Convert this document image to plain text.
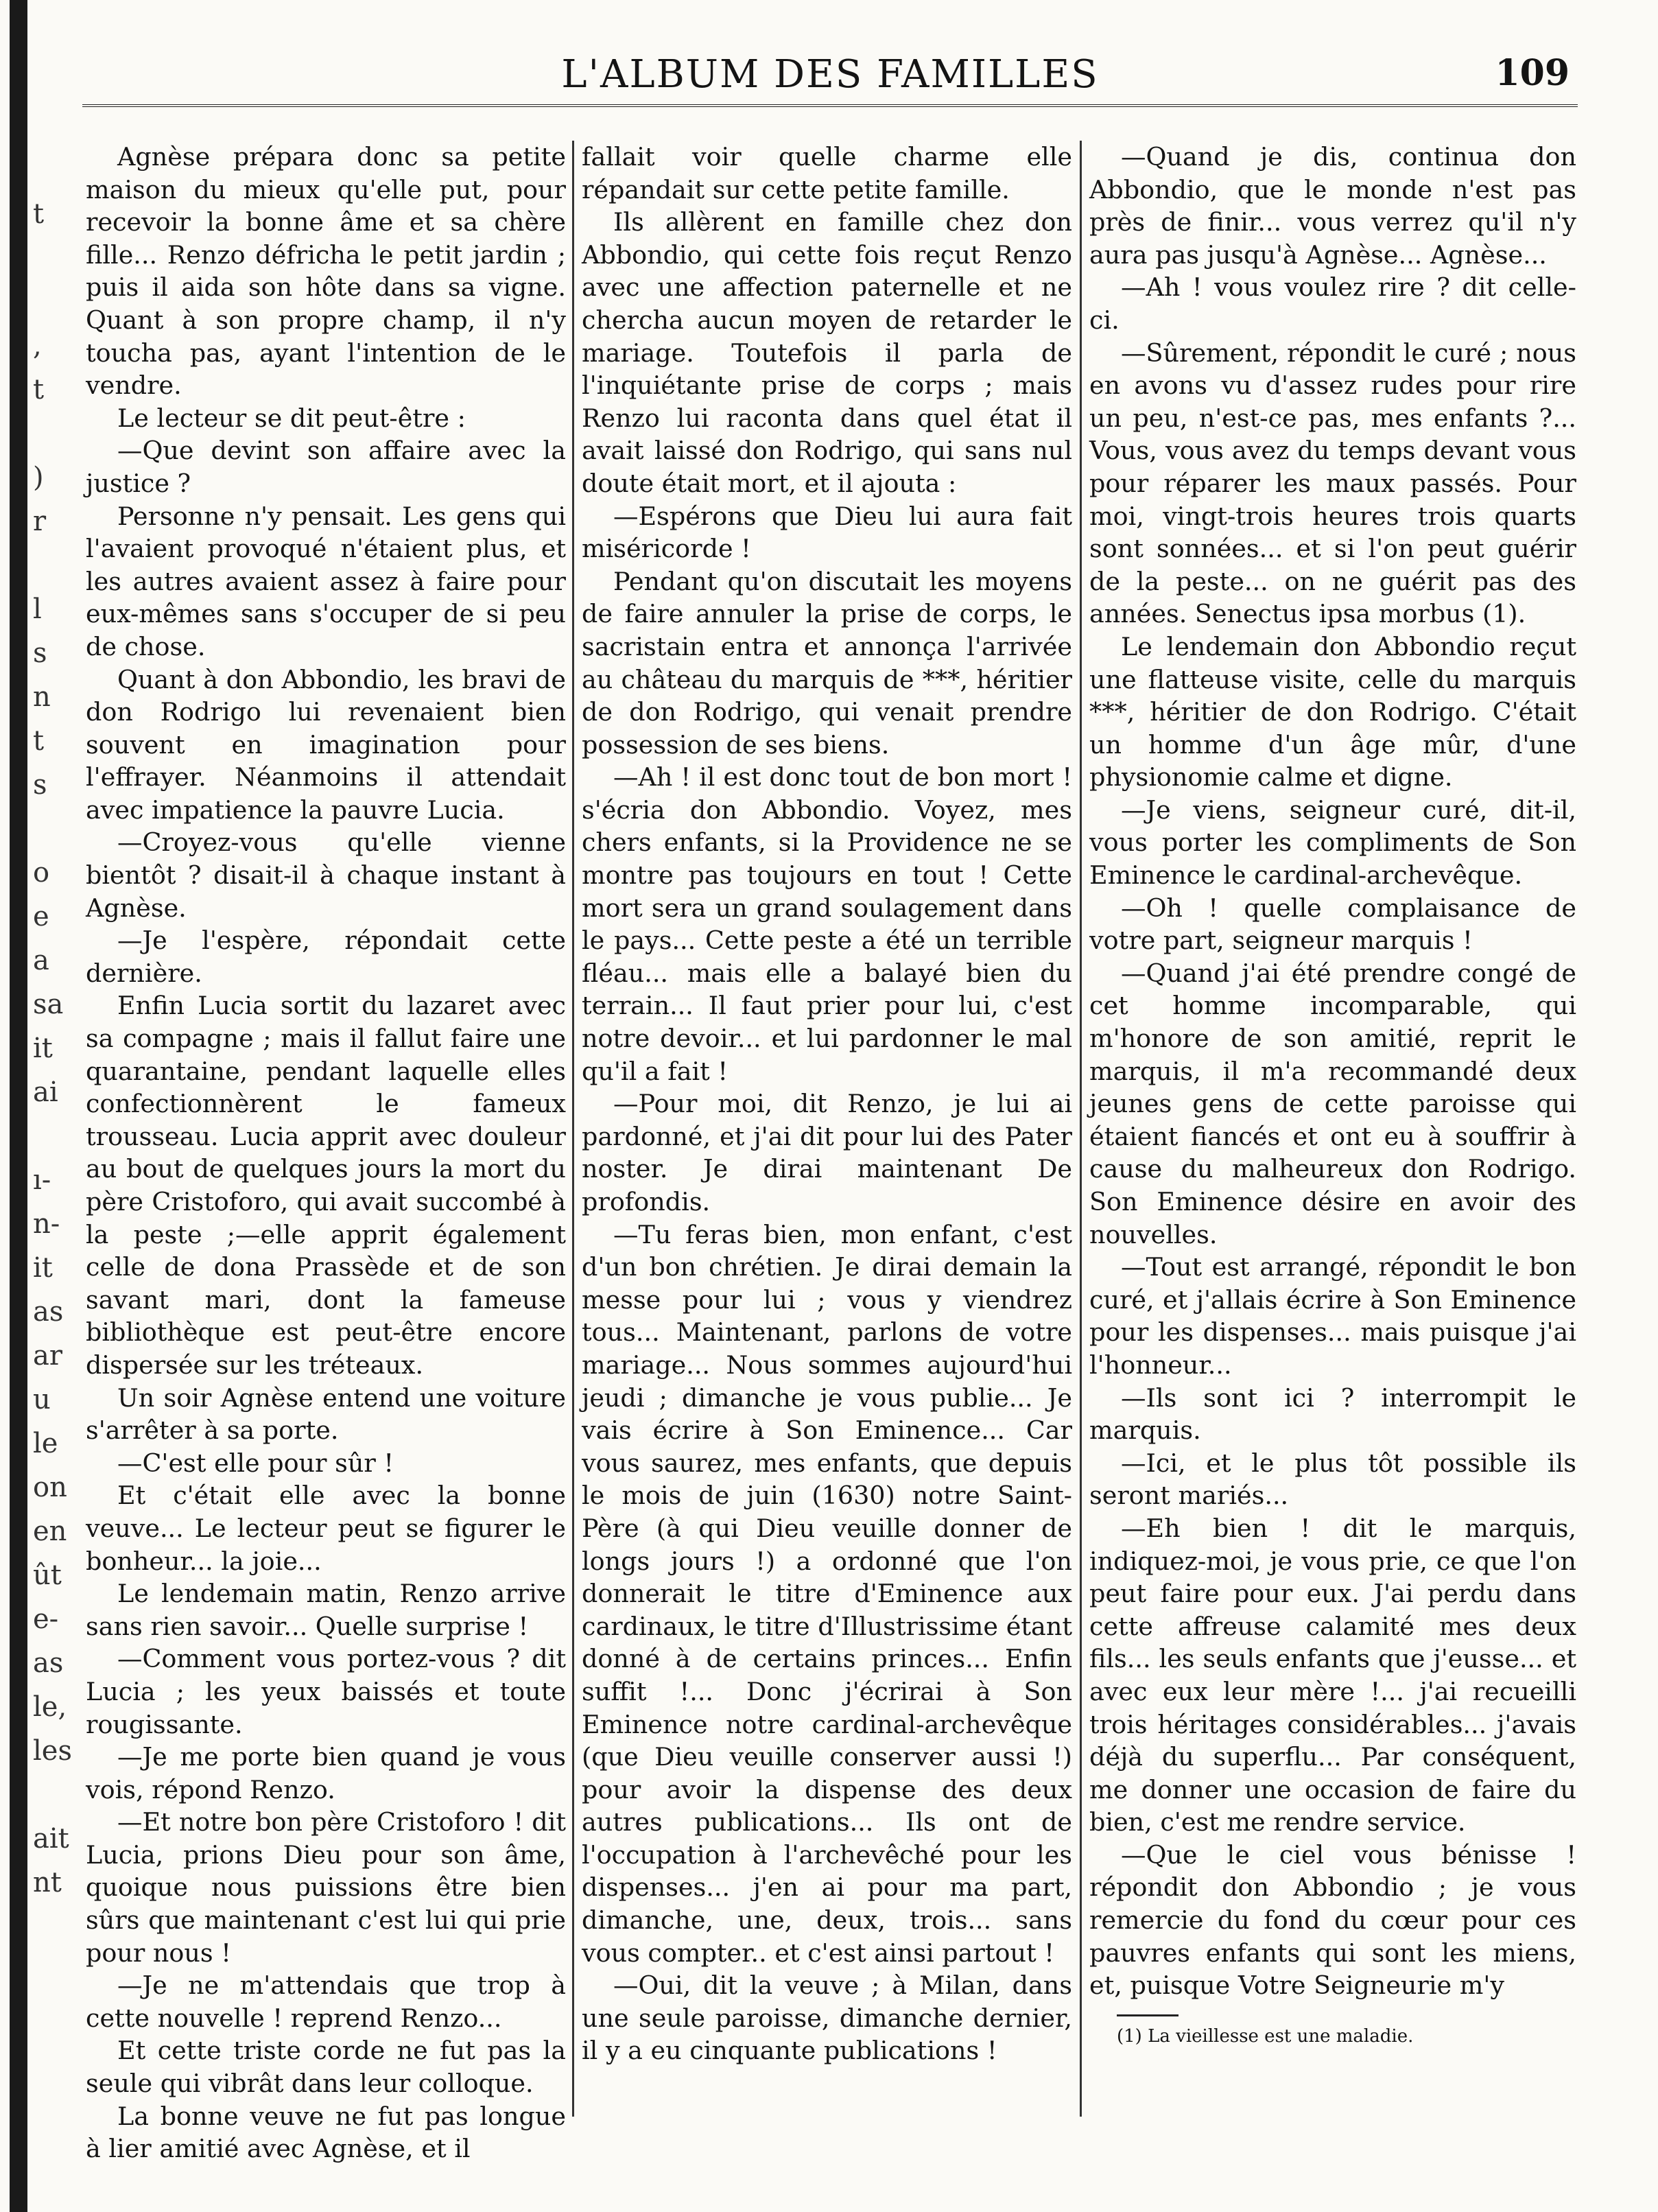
t
,
t
)
r
l
s
n
t
s
o
e
a
sa
it
ai
ı-
n-
it
as
ar
u
le
on
en
ût
e-
as
le,
les
ait
nt
L'ALBUM DES FAMILLES	109

Agnèse prépara donc sa petite maison du mieux qu'elle put, pour recevoir la bonne âme et sa chère fille... Renzo défricha le petit jardin ; puis il aida son hôte dans sa vigne. Quant à son propre champ, il n'y toucha pas, ayant l'intention de le vendre.

Le lecteur se dit peut-être :

—Que devint son affaire avec la justice ?

Personne n'y pensait. Les gens qui l'avaient provoqué n'étaient plus, et les autres avaient assez à faire pour eux-mêmes sans s'occuper de si peu de chose.

Quant à don Abbondio, les bravi de don Rodrigo lui revenaient bien souvent en imagination pour l'effrayer. Néanmoins il attendait avec impatience la pauvre Lucia.

—Croyez-vous qu'elle vienne bientôt ? disait-il à chaque instant à Agnèse.

—Je l'espère, répondait cette dernière.

Enfin Lucia sortit du lazaret avec sa compagne ; mais il fallut faire une quarantaine, pendant laquelle elles confectionnèrent le fameux trousseau. Lucia apprit avec douleur au bout de quelques jours la mort du père Cristoforo, qui avait succombé à la peste ;—elle apprit également celle de dona Prassède et de son savant mari, dont la fameuse bibliothèque est peut-être encore dispersée sur les tréteaux.

Un soir Agnèse entend une voiture s'arrêter à sa porte.

—C'est elle pour sûr !

Et c'était elle avec la bonne veuve... Le lecteur peut se figurer le bonheur... la joie...

Le lendemain matin, Renzo arrive sans rien savoir... Quelle surprise !

—Comment vous portez-vous ? dit Lucia ; les yeux baissés et toute rougissante.

—Je me porte bien quand je vous vois, répond Renzo.

—Et notre bon père Cristoforo ! dit Lucia, prions Dieu pour son âme, quoique nous puissions être bien sûrs que maintenant c'est lui qui prie pour nous !

—Je ne m'attendais que trop à cette nouvelle ! reprend Renzo...

Et cette triste corde ne fut pas la seule qui vibrât dans leur colloque.

La bonne veuve ne fut pas longue à lier amitié avec Agnèse, et il

fallait voir quelle charme elle répandait sur cette petite famille.

Ils allèrent en famille chez don Abbondio, qui cette fois reçut Renzo avec une affection paternelle et ne chercha aucun moyen de retarder le mariage. Toutefois il parla de l'inquiétante prise de corps ; mais Renzo lui raconta dans quel état il avait laissé don Rodrigo, qui sans nul doute était mort, et il ajouta :

—Espérons que Dieu lui aura fait miséricorde !

Pendant qu'on discutait les moyens de faire annuler la prise de corps, le sacristain entra et annonça l'arrivée au château du marquis de ***, héritier de don Rodrigo, qui venait prendre possession de ses biens.

—Ah ! il est donc tout de bon mort ! s'écria don Abbondio. Voyez, mes chers enfants, si la Providence ne se montre pas toujours en tout ! Cette mort sera un grand soulagement dans le pays... Cette peste a été un terrible fléau... mais elle a balayé bien du terrain... Il faut prier pour lui, c'est notre devoir... et lui pardonner le mal qu'il a fait !

—Pour moi, dit Renzo, je lui ai pardonné, et j'ai dit pour lui des Pater noster. Je dirai maintenant De profondis.

—Tu feras bien, mon enfant, c'est d'un bon chrétien. Je dirai demain la messe pour lui ; vous y viendrez tous... Maintenant, parlons de votre mariage... Nous sommes aujourd'hui jeudi ; dimanche je vous publie... Je vais écrire à Son Eminence... Car vous saurez, mes enfants, que depuis le mois de juin (1630) notre Saint-Père (à qui Dieu veuille donner de longs jours !) a ordonné que l'on donnerait le titre d'Eminence aux cardinaux, le titre d'Illustrissime étant donné à de certains princes... Enfin suffit !... Donc j'écrirai à Son Eminence notre cardinal-archevêque (que Dieu veuille conserver aussi !) pour avoir la dispense des deux autres publications... Ils ont de l'occupation à l'archevêché pour les dispenses... j'en ai pour ma part, dimanche, une, deux, trois... sans vous compter.. et c'est ainsi partout !

—Oui, dit la veuve ; à Milan, dans une seule paroisse, dimanche dernier, il y a eu cinquante publications !

—Quand je dis, continua don Abbondio, que le monde n'est pas près de finir... vous verrez qu'il n'y aura pas jusqu'à Agnèse... Agnèse...

—Ah ! vous voulez rire ? dit celle-ci.

—Sûrement, répondit le curé ; nous en avons vu d'assez rudes pour rire un peu, n'est-ce pas, mes enfants ?... Vous, vous avez du temps devant vous pour réparer les maux passés. Pour moi, vingt-trois heures trois quarts sont sonnées... et si l'on peut guérir de la peste... on ne guérit pas des années. Senectus ipsa morbus (1).

Le lendemain don Abbondio reçut une flatteuse visite, celle du marquis ***, héritier de don Rodrigo. C'était un homme d'un âge mûr, d'une physionomie calme et digne.

—Je viens, seigneur curé, dit-il, vous porter les compliments de Son Eminence le cardinal-archevêque.

—Oh ! quelle complaisance de votre part, seigneur marquis !

—Quand j'ai été prendre congé de cet homme incomparable, qui m'honore de son amitié, reprit le marquis, il m'a recommandé deux jeunes gens de cette paroisse qui étaient fiancés et ont eu à souffrir à cause du malheureux don Rodrigo. Son Eminence désire en avoir des nouvelles.

—Tout est arrangé, répondit le bon curé, et j'allais écrire à Son Eminence pour les dispenses... mais puisque j'ai l'honneur...

—Ils sont ici ? interrompit le marquis.

—Ici, et le plus tôt possible ils seront mariés...

—Eh bien ! dit le marquis, indiquez-moi, je vous prie, ce que l'on peut faire pour eux. J'ai perdu dans cette affreuse calamité mes deux fils... les seuls enfants que j'eusse... et avec eux leur mère !... j'ai recueilli trois héritages considérables... j'avais déjà du superflu... Par conséquent, me donner une occasion de faire du bien, c'est me rendre service.

—Que le ciel vous bénisse ! répondit don Abbondio ; je vous remercie du fond du cœur pour ces pauvres enfants qui sont les miens, et, puisque Votre Seigneurie m'y

(1) La vieillesse est une maladie.
